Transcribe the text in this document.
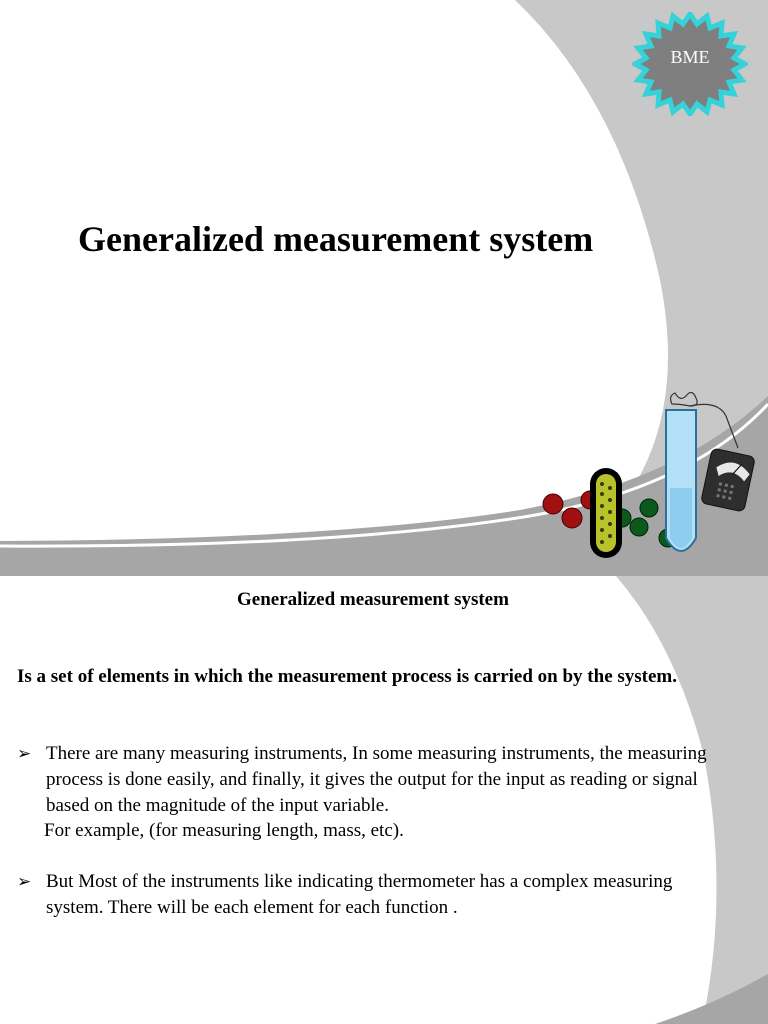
BME
Generalized measurement system
Generalized measurement system

Is a set of elements in which the measurement process is carried on by the system.

➢ There are many measuring instruments, In some measuring instruments, the measuring process is done easily, and finally, it gives the output for the input as reading or signal based on the magnitude of the input variable.

For example, (for measuring length, mass, etc).

➢ But Most of the instruments like indicating thermometer has a complex measuring system. There will be each element for each function .
